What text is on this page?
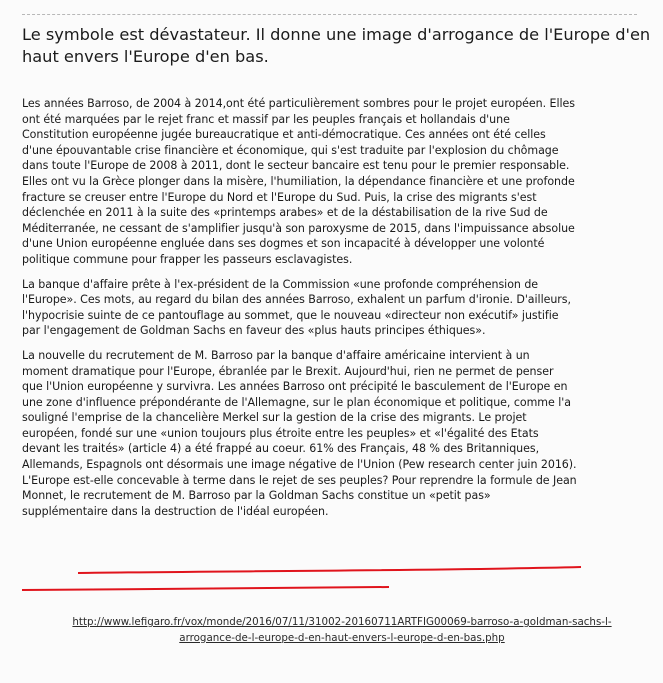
Le symbole est dévastateur. Il donne une image d'arrogance de l'Europe d'en
haut envers l'Europe d'en bas.
Les années Barroso, de 2004 à 2014,ont été particulièrement sombres pour le projet européen. Elles
ont été marquées par le rejet franc et massif par les peuples français et hollandais d'une
Constitution européenne jugée bureaucratique et anti-démocratique. Ces années ont été celles
d'une épouvantable crise financière et économique, qui s'est traduite par l'explosion du chômage
dans toute l'Europe de 2008 à 2011, dont le secteur bancaire est tenu pour le premier responsable.
Elles ont vu la Grèce plonger dans la misère, l'humiliation, la dépendance financière et une profonde
fracture se creuser entre l'Europe du Nord et l'Europe du Sud. Puis, la crise des migrants s'est
déclenchée en 2011 à la suite des «printemps arabes» et de la déstabilisation de la rive Sud de
Méditerranée, ne cessant de s'amplifier jusqu'à son paroxysme de 2015, dans l'impuissance absolue
d'une Union européenne engluée dans ses dogmes et son incapacité à développer une volonté
politique commune pour frapper les passeurs esclavagistes.
La banque d'affaire prête à l'ex-président de la Commission «une profonde compréhension de
l'Europe». Ces mots, au regard du bilan des années Barroso, exhalent un parfum d'ironie. D'ailleurs,
l'hypocrisie suinte de ce pantouflage au sommet, que le nouveau «directeur non exécutif» justifie
par l'engagement de Goldman Sachs en faveur des «plus hauts principes éthiques».
La nouvelle du recrutement de M. Barroso par la banque d'affaire américaine intervient à un
moment dramatique pour l'Europe, ébranlée par le Brexit. Aujourd'hui, rien ne permet de penser
que l'Union européenne y survivra. Les années Barroso ont précipité le basculement de l'Europe en
une zone d'influence prépondérante de l'Allemagne, sur le plan économique et politique, comme l'a
souligné l'emprise de la chancelière Merkel sur la gestion de la crise des migrants. Le projet
européen, fondé sur une «union toujours plus étroite entre les peuples» et «l'égalité des Etats
devant les traités» (article 4) a été frappé au coeur. 61% des Français, 48 % des Britanniques,
Allemands, Espagnols ont désormais une image négative de l'Union (Pew research center juin 2016).
L'Europe est-elle concevable à terme dans le rejet de ses peuples? Pour reprendre la formule de Jean
Monnet, le recrutement de M. Barroso par la Goldman Sachs constitue un «petit pas»
supplémentaire dans la destruction de l'idéal européen.
http://www.lefigaro.fr/vox/monde/2016/07/11/31002-20160711ARTFIG00069-barroso-a-goldman-sachs-l-
arrogance-de-l-europe-d-en-haut-envers-l-europe-d-en-bas.php
